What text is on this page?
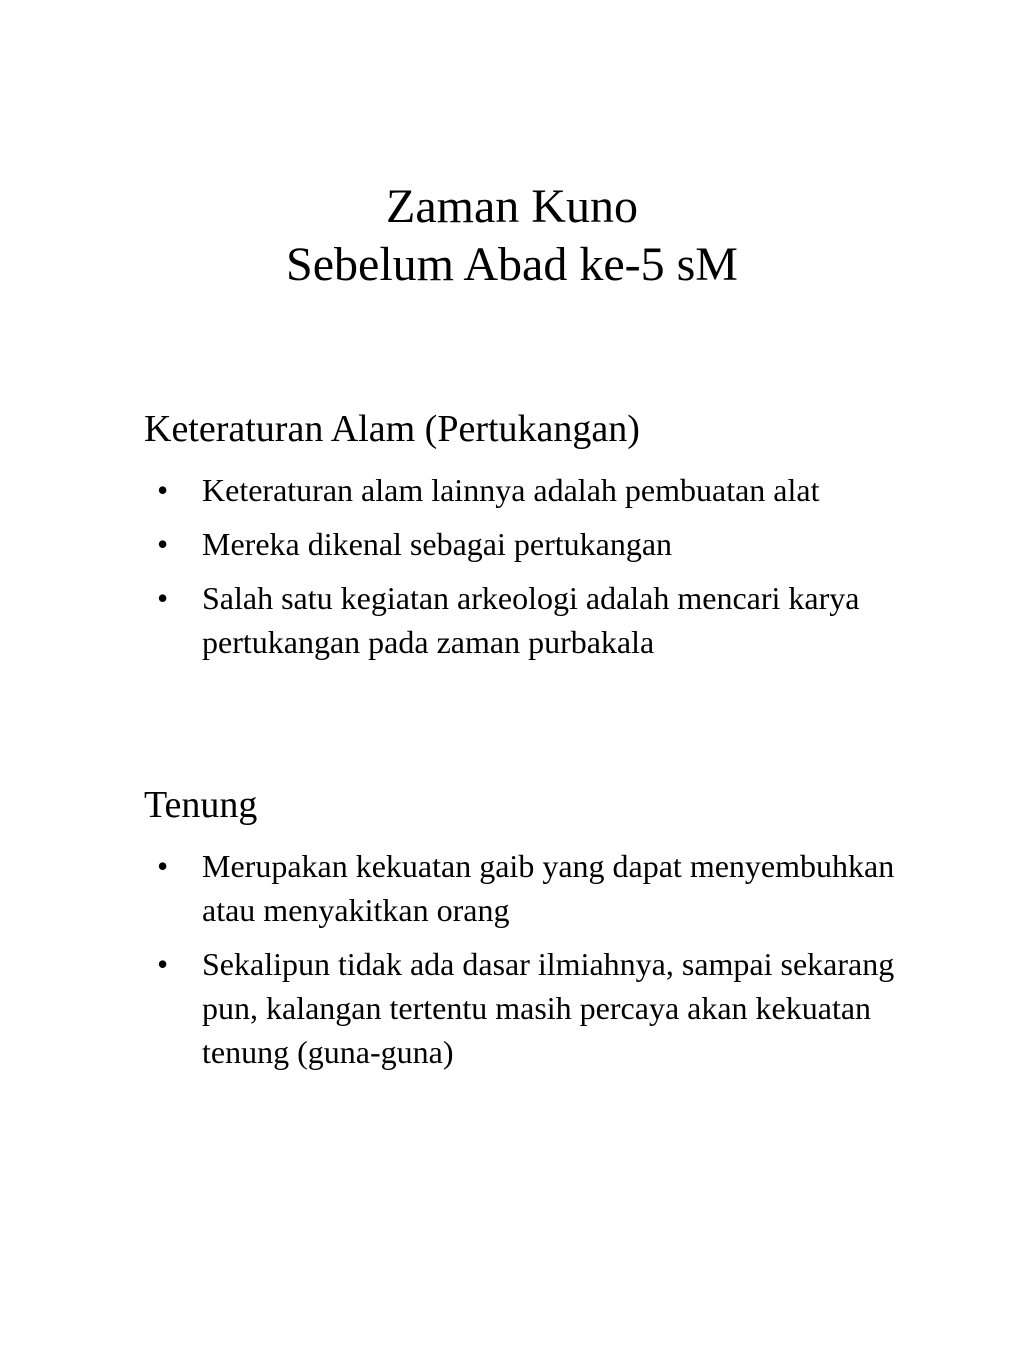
Zaman Kuno
Sebelum Abad ke-5 sM
Keteraturan Alam (Pertukangan)
• Keteraturan alam lainnya adalah pembuatan alat
• Mereka dikenal sebagai pertukangan
• Salah satu kegiatan arkeologi adalah mencari karya pertukangan pada zaman purbakala
Tenung
• Merupakan kekuatan gaib yang dapat menyembuhkan atau menyakitkan orang
• Sekalipun tidak ada dasar ilmiahnya, sampai sekarang pun, kalangan tertentu masih percaya akan kekuatan tenung (guna-guna)
